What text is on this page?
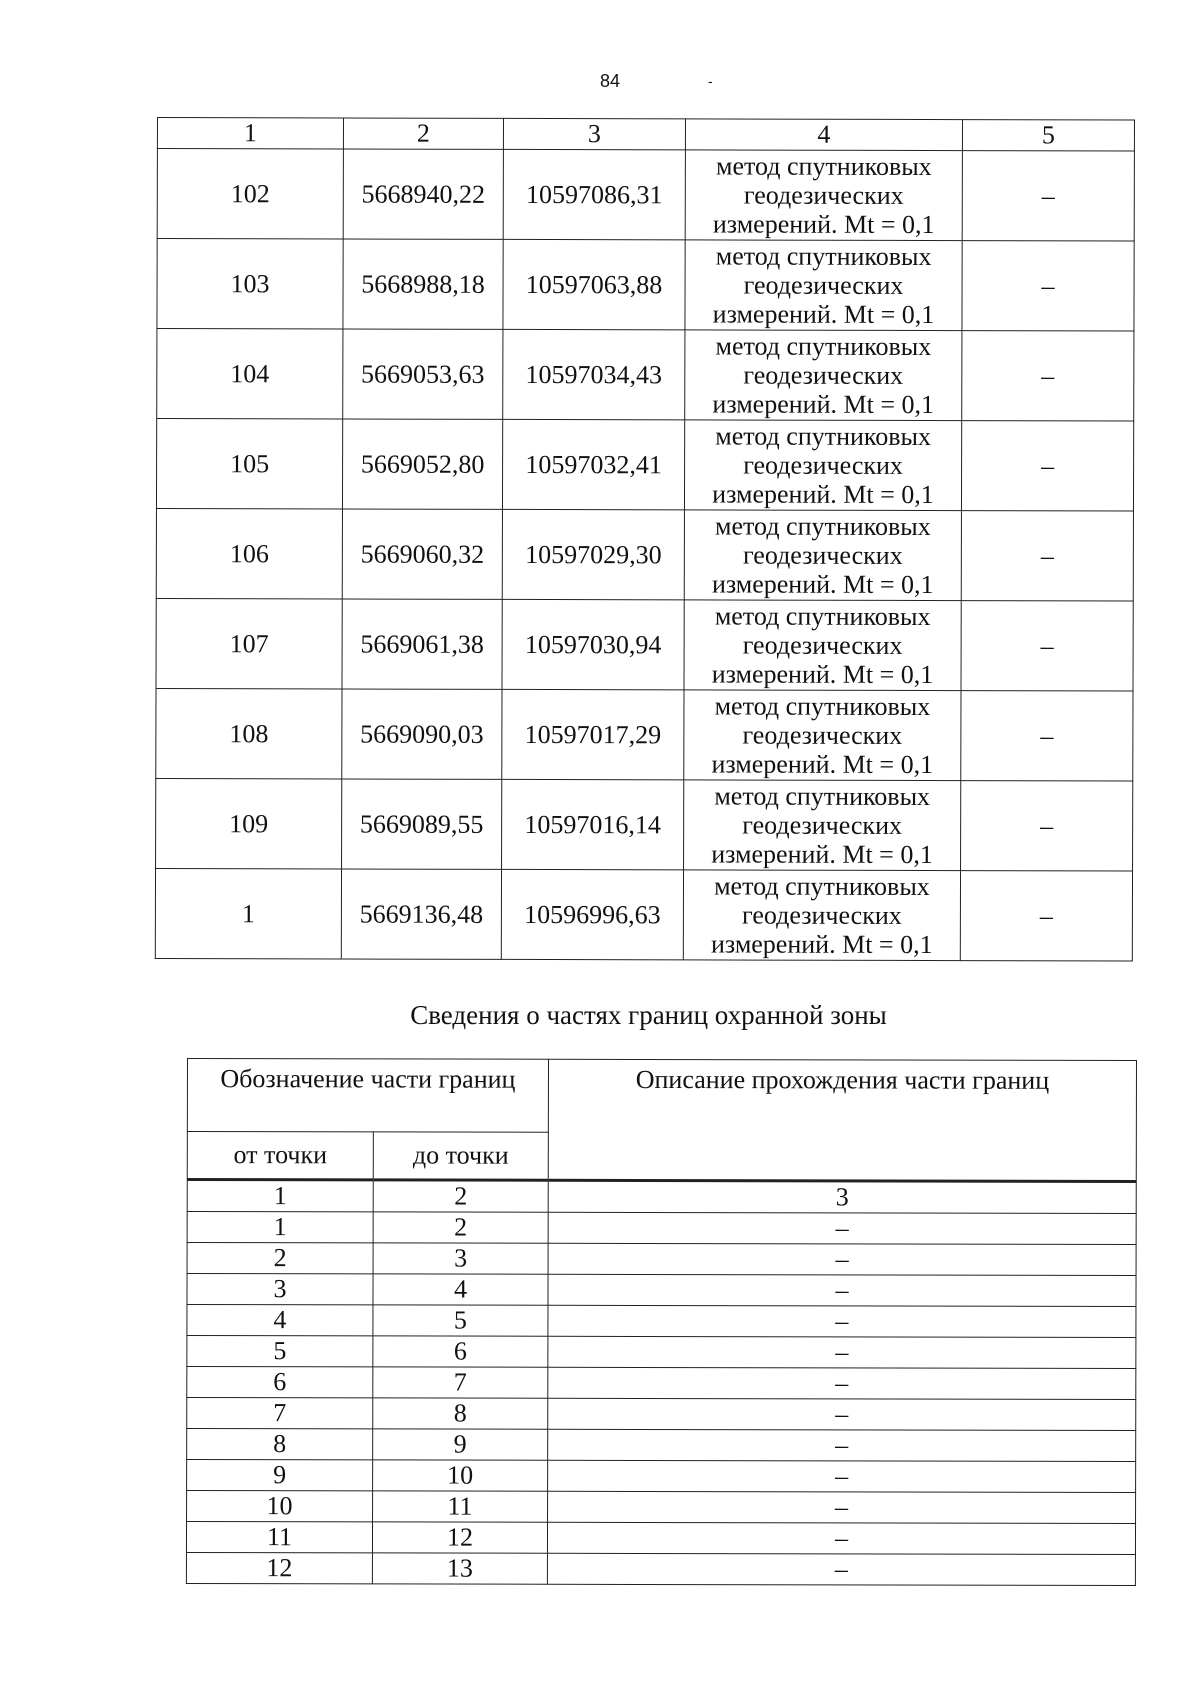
84	-
1	2	3	4	5
102	5668940,22	10597086,31	метод спутниковых
геодезических
измерений. Mt = 0,1	–
103	5668988,18	10597063,88	метод спутниковых
геодезических
измерений. Mt = 0,1	–
104	5669053,63	10597034,43	метод спутниковых
геодезических
измерений. Mt = 0,1	–
105	5669052,80	10597032,41	метод спутниковых
геодезических
измерений. Mt = 0,1	–
106	5669060,32	10597029,30	метод спутниковых
геодезических
измерений. Mt = 0,1	–
107	5669061,38	10597030,94	метод спутниковых
геодезических
измерений. Mt = 0,1	–
108	5669090,03	10597017,29	метод спутниковых
геодезических
измерений. Mt = 0,1	–
109	5669089,55	10597016,14	метод спутниковых
геодезических
измерений. Mt = 0,1	–
1	5669136,48	10596996,63	метод спутниковых
геодезических
измерений. Mt = 0,1	–
Сведения о частях границ охранной зоны
Обозначение части границ		Описание прохождения части границ
от точки	до точки	
1	2	3
1	2	–
2	3	–
3	4	–
4	5	–
5	6	–
6	7	–
7	8	–
8	9	–
9	10	–
10	11	–
11	12	–
12	13	–
